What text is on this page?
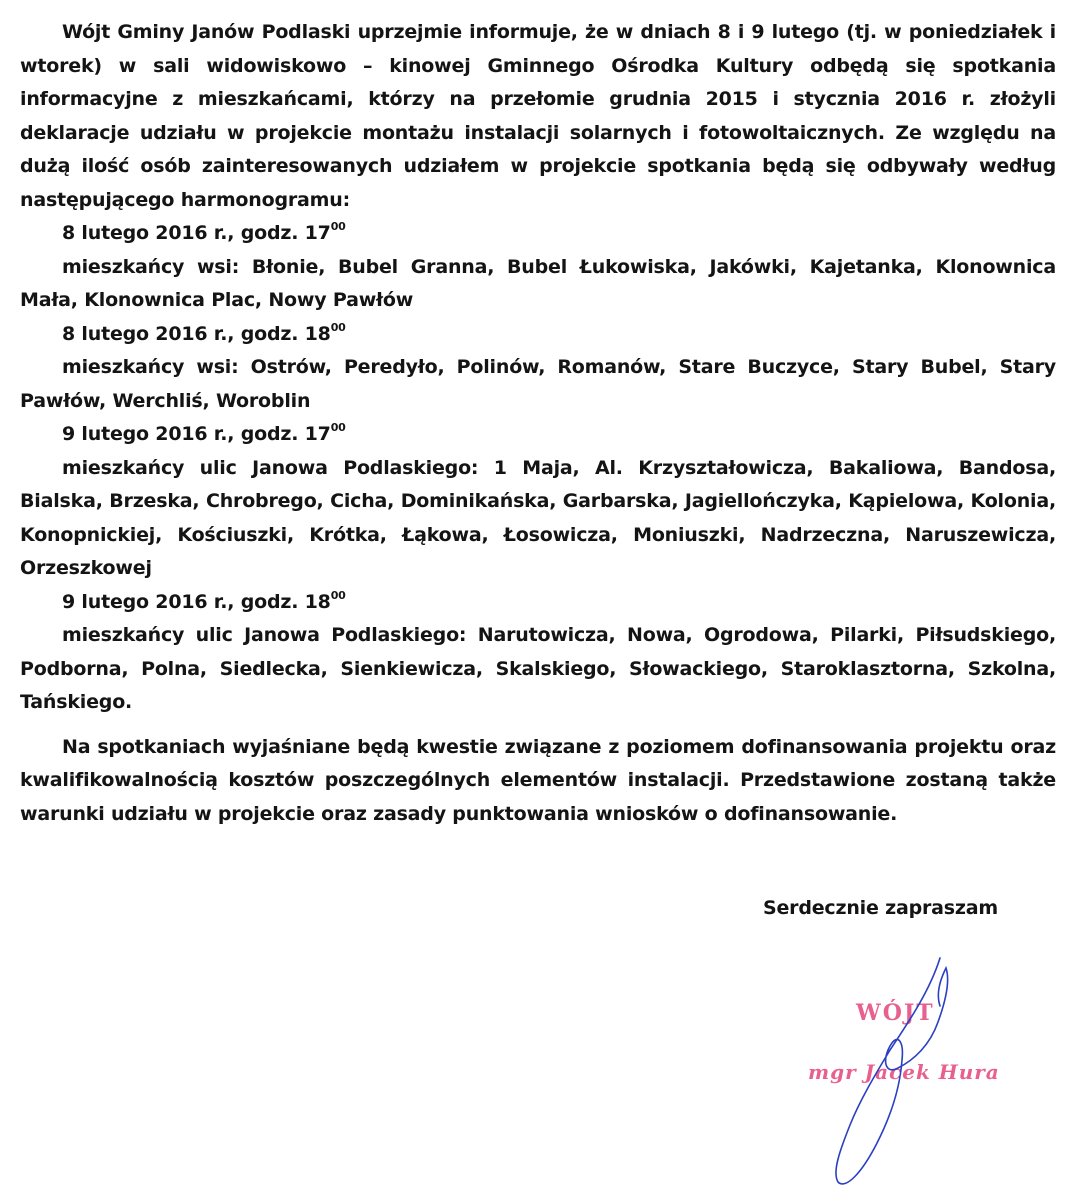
Wójt Gminy Janów Podlaski uprzejmie informuje, że w dniach 8 i 9 lutego (tj. w poniedziałek i wtorek) w sali widowiskowo – kinowej Gminnego Ośrodka Kultury odbędą się spotkania informacyjne z mieszkańcami, którzy na przełomie grudnia 2015 i stycznia 2016 r. złożyli deklaracje udziału w projekcie montażu instalacji solarnych i fotowoltaicznych. Ze względu na dużą ilość osób zainteresowanych udziałem w projekcie spotkania będą się odbywały według następującego harmonogramu:

8 lutego 2016 r., godz. $17^{00}$

mieszkańcy wsi: Błonie, Bubel Granna, Bubel Łukowiska, Jakówki, Kajetanka, Klonownica Mała, Klonownica Plac, Nowy Pawłów

8 lutego 2016 r., godz. $18^{00}$

mieszkańcy wsi: Ostrów, Peredyło, Polinów, Romanów, Stare Buczyce, Stary Bubel, Stary Pawłów, Werchliś, Woroblin

9 lutego 2016 r., godz. $17^{00}$

mieszkańcy ulic Janowa Podlaskiego: 1 Maja, Al. Krzyształowicza, Bakaliowa, Bandosa, Bialska, Brzeska, Chrobrego, Cicha, Dominikańska, Garbarska, Jagiellończyka, Kąpielowa, Kolonia, Konopnickiej, Kościuszki, Krótka, Łąkowa, Łosowicza, Moniuszki, Nadrzeczna, Naruszewicza, Orzeszkowej

9 lutego 2016 r., godz. $18^{00}$

mieszkańcy ulic Janowa Podlaskiego: Narutowicza, Nowa, Ogrodowa, Pilarki, Piłsudskiego, Podborna, Polna, Siedlecka, Sienkiewicza, Skalskiego, Słowackiego, Staroklasztorna, Szkolna, Tańskiego.

Na spotkaniach wyjaśniane będą kwestie związane z poziomem dofinansowania projektu oraz kwalifikowalnością kosztów poszczególnych elementów instalacji. Przedstawione zostaną także warunki udziału w projekcie oraz zasady punktowania wniosków o dofinansowanie.

Serdecznie zapraszam
WÓJT
mgr Jacek Hura
